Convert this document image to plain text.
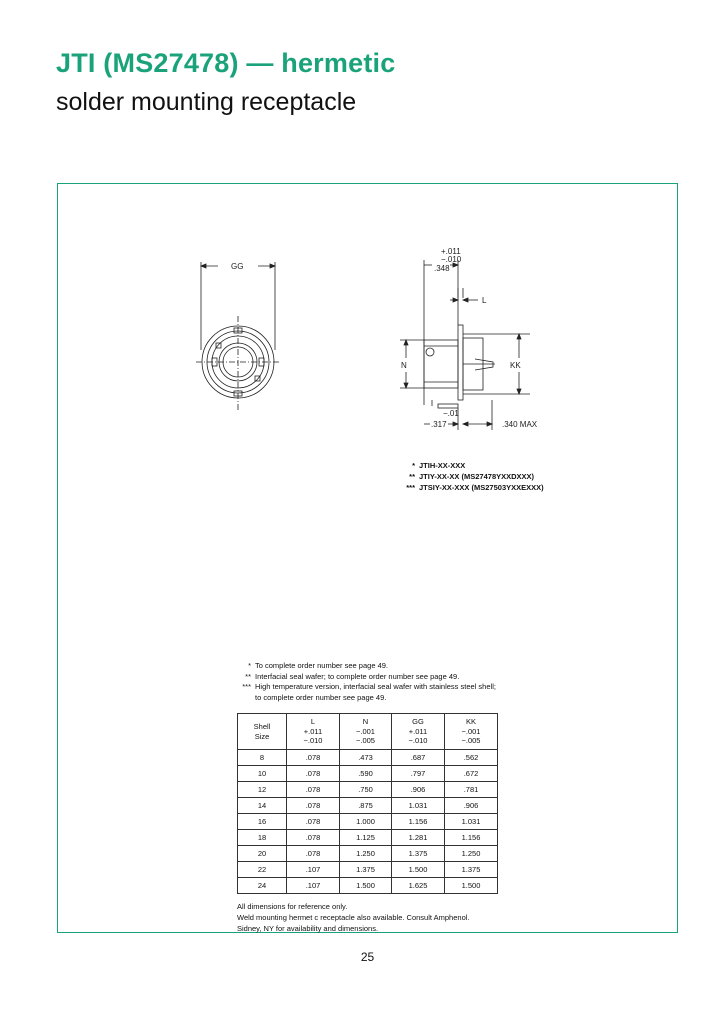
JTI (MS27478) — hermetic
solder mounting receptacle
GG
+.011
−.010
.348
L
N	KK
−.01
.317	.340 MAX
* JTIH-XX-XXX
** JTIY-XX-XX (MS27478YXXDXXX)
*** JTSIY-XX-XXX (MS27503YXXEXXX)
* To complete order number see page 49.
** Interfacial seal wafer; to complete order number see page 49.
*** High temperature version, interfacial seal wafer with stainless steel shell;
to complete order number see page 49.
Shell
Size	L
+.011
−.010	N
−.001
−.005	GG
+.011
−.010	KK
−.001
−.005
8	.078	.473	.687	.562
10	.078	.590	.797	.672
12	.078	.750	.906	.781
14	.078	.875	1.031	.906
16	.078	1.000	1.156	1.031
18	.078	1.125	1.281	1.156
20	.078	1.250	1.375	1.250
22	.107	1.375	1.500	1.375
24	.107	1.500	1.625	1.500
All dimensions for reference only.
Weld mounting hermet c receptacle also available. Consult Amphenol.
Sidney, NY for availability and dimensions.
25
